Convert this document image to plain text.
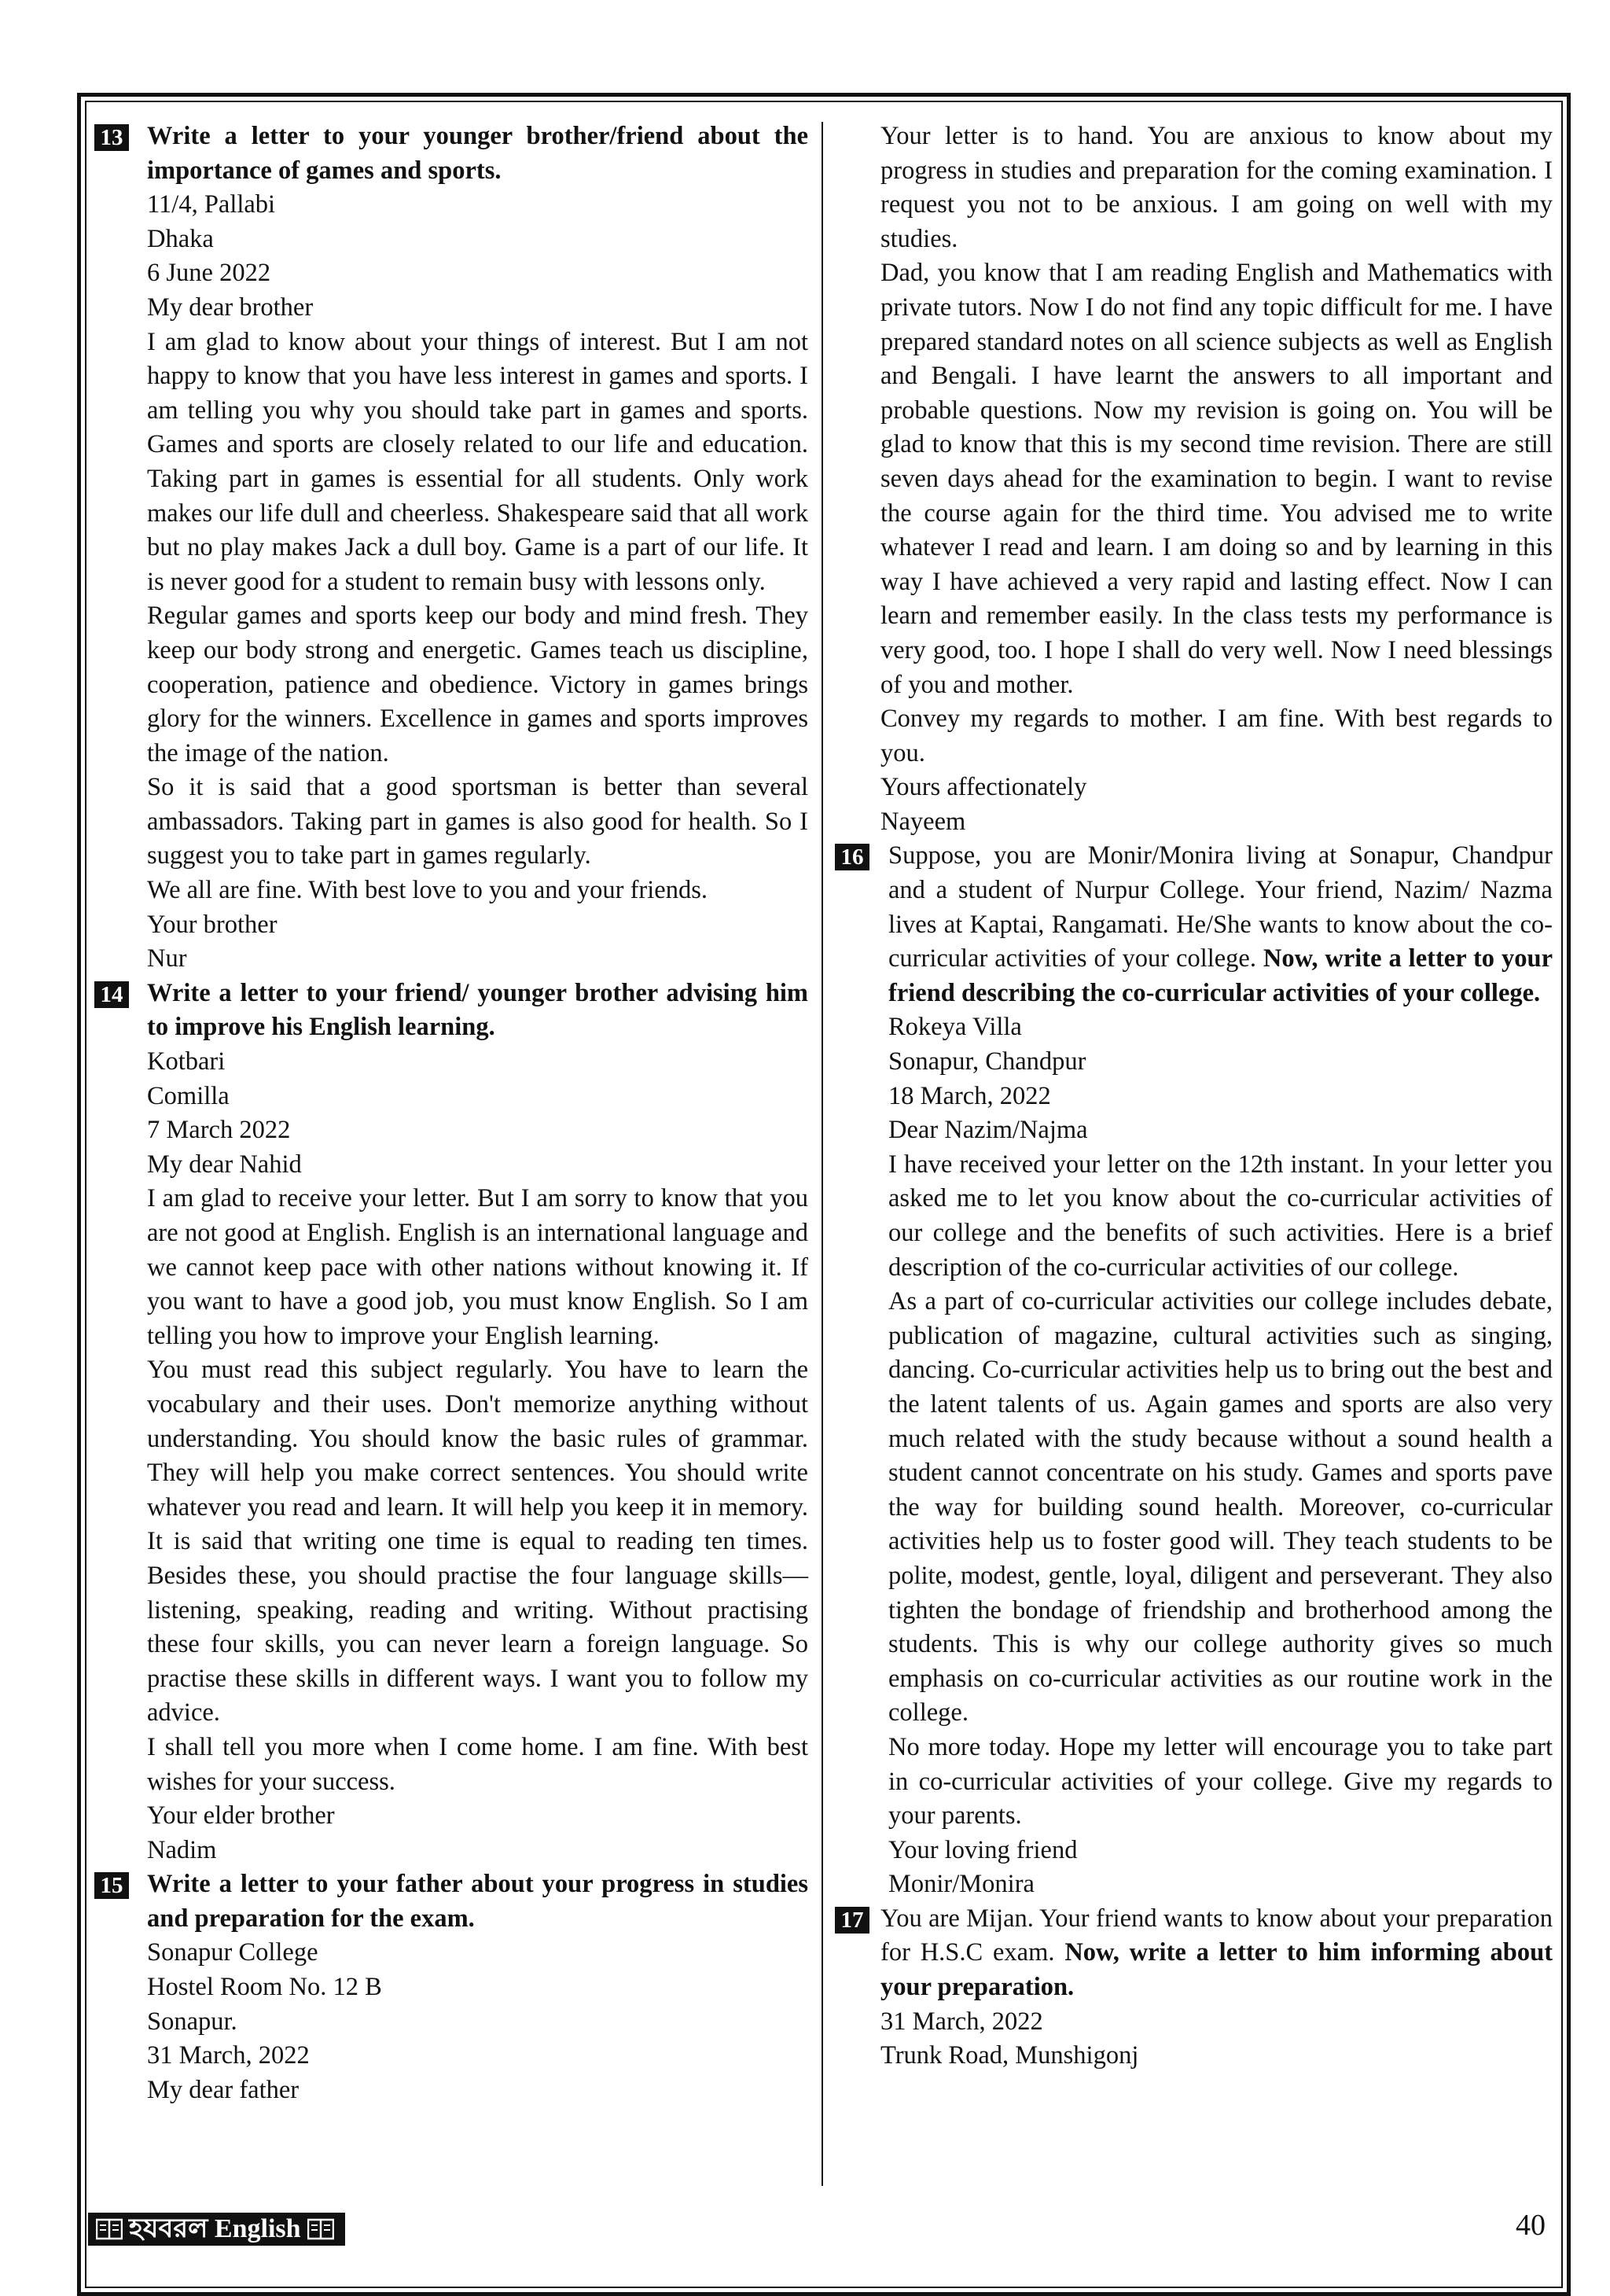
13 Write a letter to your younger brother/friend about the importance of games and sports.

11/4, Pallabi
Dhaka
6 June 2022
My dear brother

I am glad to know about your things of interest. But I am not happy to know that you have less interest in games and sports. I am telling you why you should take part in games and sports. Games and sports are closely related to our life and education. Taking part in games is essential for all students. Only work makes our life dull and cheerless. Shakespeare said that all work but no play makes Jack a dull boy. Game is a part of our life. It is never good for a student to remain busy with lessons only.

Regular games and sports keep our body and mind fresh. They keep our body strong and energetic. Games teach us discipline, cooperation, patience and obedience. Victory in games brings glory for the winners. Excellence in games and sports improves the image of the nation.

So it is said that a good sportsman is better than several ambassadors. Taking part in games is also good for health. So I suggest you to take part in games regularly.

We all are fine. With best love to you and your friends.

Your brother
Nur
14 Write a letter to your friend/ younger brother advising him to improve his English learning.

Kotbari
Comilla
7 March 2022
My dear Nahid

I am glad to receive your letter. But I am sorry to know that you are not good at English. English is an international language and we cannot keep pace with other nations without knowing it. If you want to have a good job, you must know English. So I am telling you how to improve your English learning.

You must read this subject regularly. You have to learn the vocabulary and their uses. Don't memorize anything without understanding. You should know the basic rules of grammar. They will help you make correct sentences. You should write whatever you read and learn. It will help you keep it in memory. It is said that writing one time is equal to reading ten times. Besides these, you should practise the four language skills—listening, speaking, reading and writing. Without practising these four skills, you can never learn a foreign language. So practise these skills in different ways. I want you to follow my advice.

I shall tell you more when I come home. I am fine. With best wishes for your success.

Your elder brother
Nadim
15 Write a letter to your father about your progress in studies and preparation for the exam.

Sonapur College
Hostel Room No. 12 B
Sonapur.
31 March, 2022
My dear father

Your letter is to hand. You are anxious to know about my progress in studies and preparation for the coming examination. I request you not to be anxious. I am going on well with my studies.

Dad, you know that I am reading English and Mathematics with private tutors. Now I do not find any topic difficult for me. I have prepared standard notes on all science subjects as well as English and Bengali. I have learnt the answers to all important and probable questions. Now my revision is going on. You will be glad to know that this is my second time revision. There are still seven days ahead for the examination to begin. I want to revise the course again for the third time. You advised me to write whatever I read and learn. I am doing so and by learning in this way I have achieved a very rapid and lasting effect. Now I can learn and remember easily. In the class tests my performance is very good, too. I hope I shall do very well. Now I need blessings of you and mother.

Convey my regards to mother. I am fine. With best regards to you.

Yours affectionately
Nayeem
16 Suppose, you are Monir/Monira living at Sonapur, Chandpur and a student of Nurpur College. Your friend, Nazim/ Nazma lives at Kaptai, Rangamati. He/She wants to know about the co-curricular activities of your college. Now, write a letter to your friend describing the co-curricular activities of your college.

Rokeya Villa
Sonapur, Chandpur
18 March, 2022
Dear Nazim/Najma

I have received your letter on the 12th instant. In your letter you asked me to let you know about the co-curricular activities of our college and the benefits of such activities. Here is a brief description of the co-curricular activities of our college.

As a part of co-curricular activities our college includes debate, publication of magazine, cultural activities such as singing, dancing. Co-curricular activities help us to bring out the best and the latent talents of us. Again games and sports are also very much related with the study because without a sound health a student cannot concentrate on his study. Games and sports pave the way for building sound health. Moreover, co-curricular activities help us to foster good will. They teach students to be polite, modest, gentle, loyal, diligent and perseverant. They also tighten the bondage of friendship and brotherhood among the students. This is why our college authority gives so much emphasis on co-curricular activities as our routine work in the college.

No more today. Hope my letter will encourage you to take part in co-curricular activities of your college. Give my regards to your parents.

Your loving friend
Monir/Monira
17 You are Mijan. Your friend wants to know about your preparation for H.S.C exam. Now, write a letter to him informing about your preparation.

31 March, 2022
Trunk Road, Munshigonj
হযবরল English	40
